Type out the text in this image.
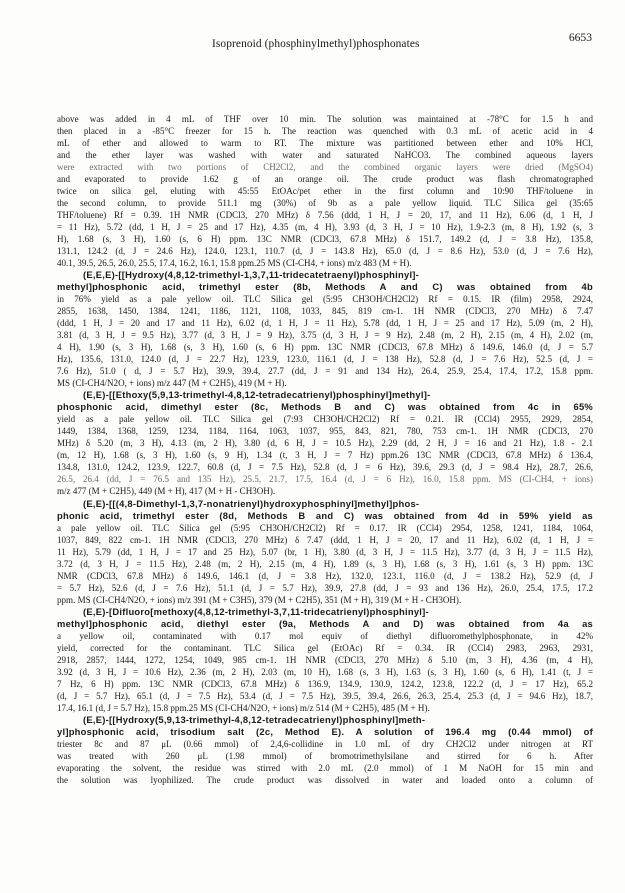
Isoprenoid (phosphinylmethyl)phosphonates	6653
above was added in 4 mL of THF over 10 min. The solution was maintained at -78°C for 1.5 h and
then placed in a -85°C freezer for 15 h. The reaction was quenched with 0.3 mL of acetic acid in 4
mL of ether and allowed to warm to RT. The mixture was partitioned between ether and 10% HCl,
and the ether layer was washed with water and saturated NaHCO3. The combined aqueous layers
were extracted with two portions of CH2Cl2, and the combined organic layers were dried (MgSO4)
and evaporated to provide 1.62 g of an orange oil. The crude product was flash chromatographed
twice on silica gel, eluting with 45:55 EtOAc/pet ether in the first column and 10:90 THF/toluene in
the second column, to provide 511.1 mg (30%) of 9b as a pale yellow liquid. TLC Silica gel (35:65
THF/toluene) Rf = 0.39. 1H NMR (CDCl3, 270 MHz) δ 7.56 (ddd, 1 H, J = 20, 17, and 11 Hz), 6.06 (d, 1 H, J
= 11 Hz), 5.72 (dd, 1 H, J = 25 and 17 Hz), 4.35 (m, 4 H), 3.93 (d, 3 H, J = 10 Hz), 1.9-2.3 (m, 8 H), 1.92 (s, 3
H), 1.68 (s, 3 H), 1.60 (s, 6 H) ppm. 13C NMR (CDCl3, 67.8 MHz) δ 151.7, 149.2 (d, J = 3.8 Hz), 135.8,
131.1, 124.2 (d, J = 24.6 Hz), 124.0, 123.1, 110.7 (d, J = 143.8 Hz), 65.0 (d, J = 8.6 Hz), 53.0 (d, J = 7.6 Hz),
40.1, 39.5, 26.5, 26.0, 25.5, 17.4, 16.2, 16.1, 15.8 ppm.25 MS (CI-CH4, + ions) m/z 483 (M + H).
(E,E,E)-[[Hydroxy(4,8,12-trimethyl-1,3,7,11-tridecatetraenyl)phosphinyl]-
methyl]phosphonic acid, trimethyl ester (8b, Methods A and C) was obtained from 4b
in 76% yield as a pale yellow oil. TLC Silica gel (5:95 CH3OH/CH2Cl2) Rf = 0.15. IR (film) 2958, 2924,
2855, 1638, 1450, 1384, 1241, 1186, 1121, 1108, 1033, 845, 819 cm-1. 1H NMR (CDCl3, 270 MHz) δ 7.47
(ddd, 1 H, J = 20 and 17 and 11 Hz), 6.02 (d, 1 H, J = 11 Hz), 5.78 (dd, 1 H, J = 25 and 17 Hz), 5.09 (m, 2 H),
3.81 (d, 3 H, J = 9.5 Hz), 3.77 (d, 3 H, J = 9 Hz), 3.75 (d, 3 H, J = 9 Hz), 2.48 (m, 2 H), 2.15 (m, 4 H), 2.02 (m,
4 H), 1.90 (s, 3 H), 1.68 (s, 3 H), 1.60 (s, 6 H) ppm. 13C NMR (CDCl3, 67.8 MHz) δ 149.6, 146.0 (d, J = 5.7
Hz), 135.6, 131.0, 124.0 (d, J = 22.7 Hz), 123.9, 123.0, 116.1 (d, J = 138 Hz), 52.8 (d, J = 7.6 Hz), 52.5 (d, J =
7.6 Hz), 51.0 ( d, J = 5.7 Hz), 39.9, 39.4, 27.7 (dd, J = 91 and 134 Hz), 26.4, 25.9, 25.4, 17.4, 17.2, 15.8 ppm.
MS (CI-CH4/N2O, + ions) m/z 447 (M + C2H5), 419 (M + H).
(E,E)-[[Ethoxy(5,9,13-trimethyl-4,8,12-tetradecatrienyl)phosphinyl]methyl]-
phosphonic acid, dimethyl ester (8c, Methods B and C) was obtained from 4c in 65%
yield as a pale yellow oil. TLC Silica gel (7:93 CH3OH/CH2Cl2) Rf = 0.21. IR (CCl4) 2955, 2929, 2854,
1449, 1384, 1368, 1259, 1234, 1184, 1164, 1063, 1037, 955, 843, 821, 780, 753 cm-1. 1H NMR (CDCl3, 270
MHz) δ 5.20 (m, 3 H), 4.13 (m, 2 H), 3.80 (d, 6 H, J = 10.5 Hz), 2.29 (dd, 2 H, J = 16 and 21 Hz), 1.8 - 2.1
(m, 12 H), 1.68 (s, 3 H), 1.60 (s, 9 H), 1.34 (t, 3 H, J = 7 Hz) ppm.26 13C NMR (CDCl3, 67.8 MHz) δ 136.4,
134.8, 131.0, 124.2, 123.9, 122.7, 60.8 (d, J = 7.5 Hz), 52.8 (d, J = 6 Hz), 39.6, 29.3 (d, J = 98.4 Hz), 28.7, 26.6,
26.5, 26.4 (dd, J = 76.5 and 135 Hz), 25.5, 21.7, 17.5, 16.4 (d, J = 6 Hz), 16.0, 15.8 ppm. MS (CI-CH4, + ions)
m/z 477 (M + C2H5), 449 (M + H), 417 (M + H - CH3OH).
(E,E)-[[(4,8-Dimethyl-1,3,7-nonatrienyl)hydroxyphosphinyl]methyl]phos-
phonic acid, trimethyl ester (8d, Methods B and C) was obtained from 4d in 59% yield as
a pale yellow oil. TLC Silica gel (5:95 CH3OH/CH2Cl2) Rf = 0.17. IR (CCl4) 2954, 1258, 1241, 1184, 1064,
1037, 849, 822 cm-1. 1H NMR (CDCl3, 270 MHz) δ 7.47 (ddd, 1 H, J = 20, 17 and 11 Hz), 6.02 (d, 1 H, J =
11 Hz), 5.79 (dd, 1 H, J = 17 and 25 Hz), 5.07 (br, 1 H), 3.80 (d, 3 H, J = 11.5 Hz), 3.77 (d, 3 H, J = 11.5 Hz),
3.72 (d, 3 H, J = 11.5 Hz), 2.48 (m, 2 H), 2.15 (m, 4 H), 1.89 (s, 3 H), 1.68 (s, 3 H), 1.61 (s, 3 H) ppm. 13C
NMR (CDCl3, 67.8 MHz) δ 149.6, 146.1 (d, J = 3.8 Hz), 132.0, 123.1, 116.0 (d, J = 138.2 Hz), 52.9 (d, J
= 5.7 Hz), 52.6 (d, J = 7.6 Hz), 51.1 (d, J = 5.7 Hz), 39.9, 27.8 (dd, J = 93 and 136 Hz), 26.0, 25.4, 17.5, 17.2
ppm. MS (CI-CH4/N2O, + ions) m/z 391 (M + C3H5), 379 (M + C2H5), 351 (M + H), 319 (M + H - CH3OH).
(E,E)-[Difluoro[methoxy(4,8,12-trimethyl-3,7,11-tridecatrienyl)phosphinyl]-
methyl]phosphonic acid, diethyl ester (9a, Methods A and D) was obtained from 4a as
a yellow oil, contaminated with 0.17 mol equiv of diethyl difluoromethylphosphonate, in 42%
yield, corrected for the contaminant. TLC Silica gel (EtOAc) Rf = 0.34. IR (CCl4) 2983, 2963, 2931,
2918, 2857, 1444, 1272, 1254, 1049, 985 cm-1. 1H NMR (CDCl3, 270 MHz) δ 5.10 (m, 3 H), 4.36 (m, 4 H),
3.92 (d, 3 H, J = 10.6 Hz), 2.36 (m, 2 H), 2.03 (m, 10 H), 1.68 (s, 3 H), 1.63 (s, 3 H), 1.60 (s, 6 H), 1.41 (t, J =
7 Hz, 6 H) ppm. 13C NMR (CDCl3, 67.8 MHz) δ 136.9, 134.9, 130.9, 124.2, 123.8, 122.2 (d, J = 17 Hz), 65.2
(d, J = 5.7 Hz), 65.1 (d, J = 7.5 Hz), 53.4 (d, J = 7.5 Hz), 39.5, 39.4, 26.6, 26.3, 25.4, 25.3 (d, J = 94.6 Hz), 18.7,
17.4, 16.1 (d, J = 5.7 Hz), 15.8 ppm.25 MS (CI-CH4/N2O, + ions) m/z 514 (M + C2H5), 485 (M + H).
(E,E)-[[Hydroxy(5,9,13-trimethyl-4,8,12-tetradecatrienyl)phosphinyl]meth-
yl]phosphonic acid, trisodium salt (2c, Method E). A solution of 196.4 mg (0.44 mmol) of
triester 8c and 87 μL (0.66 mmol) of 2,4,6-collidine in 1.0 mL of dry CH2Cl2 under nitrogen at RT
was treated with 260 μL (1.98 mmol) of bromotrimethylsilane and stirred for 6 h. After
evaporating the solvent, the residue was stirred with 2.0 mL (2.0 mmol) of 1 M NaOH for 15 min and
the solution was lyophilized. The crude product was dissolved in water and loaded onto a column of
